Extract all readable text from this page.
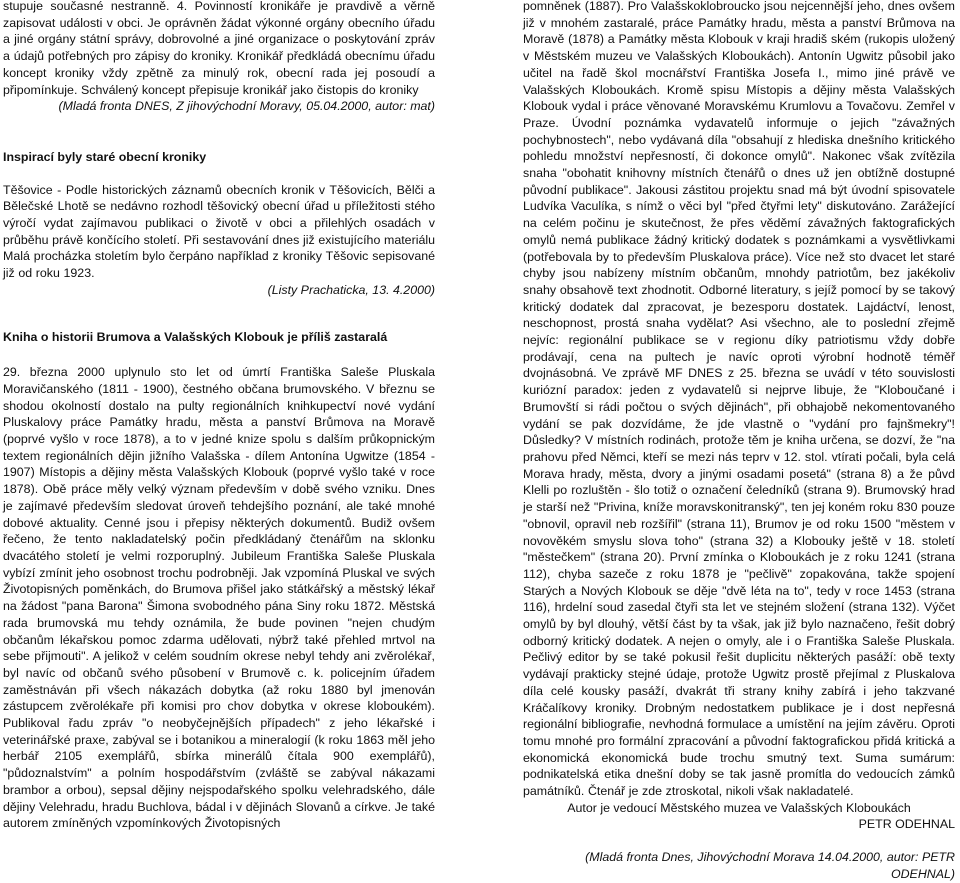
stupuje současné nestranně. 4. Povinností kronikáře je pravdivě a věrně zapisovat události v obci. Je oprávněn žádat výkonné orgány obecního úřadu a jiné orgány státní správy, dobrovolné a jiné organizace o poskytování zpráv a údajů potřebných pro zápisy do kroniky. Kronikář předkládá obecnímu úřadu koncept kroniky vždy zpětně za minulý rok, obecní rada jej posoudí a připomínkuje. Schválený koncept přepisuje kronikář jako čistopis do kroniky

(Mladá fronta DNES, Z jihovýchodní Moravy, 05.04.2000, autor: mat)

Inspirací byly staré obecní kroniky

Těšovice - Podle historických záznamů obecních kronik v Těšovicích, Bělči a Bělečské Lhotě se nedávno rozhodl těšovický obecní úřad u příležitosti stého výročí vydat zajímavou publikaci o životě v obci a přilehlých osadách v průběhu právě končícího století. Při sestavování dnes již existujícího materiálu Malá procházka stoletím bylo čerpáno například z kroniky Těšovic sepisované již od roku 1923.

(Listy Prachaticka, 13. 4.2000)

Kniha o historii Brumova a Valašských Klobouk je příliš zastaralá

29. března 2000 uplynulo sto let od úmrtí Františka Saleše Pluskala Moravičanského (1811 - 1900), čestného občana brumovského. V březnu se shodou okolností dostalo na pulty regionálních knihkupectví nové vydání Pluskalovy práce Památky hradu, města a panství Brůmova na Moravě (poprvé vyšlo v roce 1878), a to v jedné knize spolu s dalším průkopnickým textem regionálních dějin jižního Valašska - dílem Antonína Ugwitze (1854 - 1907) Místopis a dějiny města Valašských Klobouk (poprvé vyšlo také v roce 1878). Obě práce měly velký význam především v době svého vzniku. Dnes je zajímavé především sledovat úroveň tehdejšího poznání, ale také mnohé dobové aktuality. Cenné jsou i přepisy některých dokumentů. Budiž ovšem řečeno, že tento nakladatelský počin předkládaný čtenářům na sklonku dvacátého století je velmi rozporuplný. Jubileum Františka Saleše Pluskala vybízí zmínit jeho osobnost trochu podrobněji. Jak vzpomíná Pluskal ve svých Životopisných poměnkách, do Brumova přišel jako státkářský a městský lékař na žádost "pana Barona" Šimona svobodného pána Siny roku 1872. Městská rada brumovská mu tehdy oznámila, že bude povinen "nejen chudým občanům lékařskou pomoc zdarma udělovati, nýbrž také přehled mrtvol na sebe přijmouti". A jelikož v celém soudním okrese nebyl tehdy ani zvěrolékař, byl navíc od občanů svého působení v Brumově c. k. policejním úřadem zaměstnáván při všech nákazách dobytka (až roku 1880 byl jmenován zástupcem zvěrolékaře při komisi pro chov dobytka v okrese kloboukém). Publikoval řadu zpráv "o neobyčejnějších případech" z jeho lékařské i veterinářské praxe, zabýval se i botanikou a mineralogií (k roku 1863 měl jeho herbář 2105 exemplářů, sbírka minerálů čítala 900 exemplářů), "půdoznalstvím" a polním hospodářstvím (zvláště se zabýval nákazami brambor a orbou), sepsal dějiny nejspodařského spolku velehradského, dále dějiny Velehradu, hradu Buchlova, bádal i v dějinách Slovanů a církve. Je také autorem zmíněných vzpomínkových Životopisných

pomněnek (1887). Pro Valašskoklobroucko jsou nejcennější jeho, dnes ovšem již v mnohém zastaralé, práce Památky hradu, města a panství Brůmova na Moravě (1878) a Památky města Klobouk v kraji hradiš ském (rukopis uložený v Městském muzeu ve Valašských Kloboukách). Antonín Ugwitz působil jako učitel na řadě škol mocnářství Františka Josefa I., mimo jiné právě ve Valašských Kloboukách. Kromě spisu Místopis a dějiny města Valašských Klobouk vydal i práce věnované Moravskému Krumlovu a Tovačovu. Zemřel v Praze. Úvodní poznámka vydavatelů informuje o jejich "závažných pochybnostech", nebo vydávaná díla "obsahují z hlediska dnešního kritického pohledu množství nepřesností, či dokonce omylů". Nakonec však zvítězila snaha "obohatit knihovny místních čtenářů o dnes už jen obtížně dostupné původní publikace". Jakousi zástitou projektu snad má být úvodní spisovatele Ludvíka Vaculíka, s nímž o věci byl "před čtyřmi lety" diskutováno. Zarážející na celém počinu je skutečnost, že přes věděmí závažných faktografických omylů nemá publikace žádný kritický dodatek s poznámkami a vysvětlivkami (potřebovala by to především Pluskalova práce). Více než sto dvacet let staré chyby jsou nabízeny místním občanům, mnohdy patriotům, bez jakékoliv snahy obsahově text zhodnotit. Odborné literatury, s jejíž pomocí by se takový kritický dodatek dal zpracovat, je bezesporu dostatek. Lajdáctví, lenost, neschopnost, prostá snaha vydělat? Asi všechno, ale to poslední zřejmě nejvíc: regionální publikace se v regionu díky patriotismu vždy dobře prodávají, cena na pultech je navíc oproti výrobní hodnotě téměř dvojnásobná. Ve zprávě MF DNES z 25. března se uvádí v této souvislosti kuriózní paradox: jeden z vydavatelů si nejprve libuje, že "Kloboučané i Brumovští si rádi počtou o svých dějinách", při obhajobě nekomentovaného vydání se pak dozvídáme, že jde vlastně o "vydání pro fajnšmekry"! Důsledky? V místních rodinách, protože těm je kniha určena, se dozví, že "na prahovu před Němci, kteří se mezi nás teprv v 12. stol. vtírati počali, byla celá Morava hrady, města, dvory a jinými osadami posetá" (strana 8) a že půvd Klelli po rozluštěn - šlo totiž o označení čeledníků (strana 9). Brumovský hrad je starší než "Privina, kníže moravskonitranský", ten jej koném roku 830 pouze "obnovil, opravil neb rozšířil" (strana 11), Brumov je od roku 1500 "městem v novověkém smyslu slova toho" (strana 32) a Klobouky ještě v 18. století "městečkem" (strana 20). První zmínka o Kloboukách je z roku 1241 (strana 112), chyba sazeče z roku 1878 je "pečlivě" zopakována, takže spojení Starých a Nových Klobouk se děje "dvě léta na to", tedy v roce 1453 (strana 116), hrdelní soud zasedal čtyři sta let ve stejném složení (strana 132). Výčet omylů by byl dlouhý, větší část by ta však, jak již bylo naznačeno, řešit dobrý odborný kritický dodatek. A nejen o omyly, ale i o Františka Saleše Pluskala. Pečlivý editor by se také pokusil řešit duplicitu některých pasáží: obě texty vydávají prakticky stejné údaje, protože Ugwitz prostě přejímal z Pluskalova díla celé kousky pasáží, dvakrát tři strany knihy zabírá i jeho takzvané Kráčalíkovy kroniky. Drobným nedostatkem publikace je i dost nepřesná regionální bibliografie, nevhodná formulace a umístění na jejím závěru. Oproti tomu mnohé pro formální zpracování a původní faktografickou přidá kritická a ekonomická ekonomická bude trochu smutný text. Suma sumárum: podnikatelská etika dnešní doby se tak jasně promítla do vedoucích zámků památníků. Čtenář je zde ztroskotal, nikoli však nakladatelé.

Autor je vedoucí Městského muzea ve Valašských Kloboukách

PETR ODEHNAL

(Mladá fronta Dnes, Jihovýchodní Morava 14.04.2000, autor: PETR ODEHNAL)
